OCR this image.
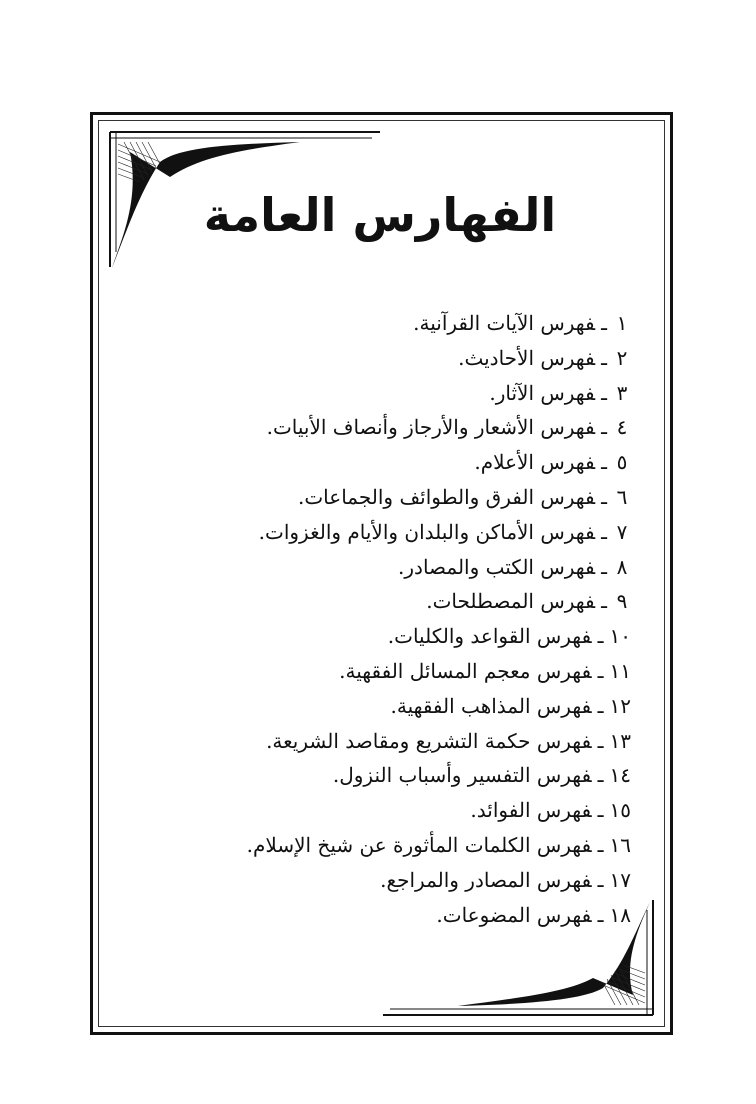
الفهارس العامة
١ـفهرس الآيات القرآنية.
٢ـفهرس الأحاديث.
٣ـفهرس الآثار.
٤ـفهرس الأشعار والأرجاز وأنصاف الأبيات.
٥ـفهرس الأعلام.
٦ـفهرس الفرق والطوائف والجماعات.
٧ـفهرس الأماكن والبلدان والأيام والغزوات.
٨ـفهرس الكتب والمصادر.
٩ـفهرس المصطلحات.
١٠ـفهرس القواعد والكليات.
١١ـفهرس معجم المسائل الفقهية.
١٢ـفهرس المذاهب الفقهية.
١٣ـفهرس حكمة التشريع ومقاصد الشريعة.
١٤ـفهرس التفسير وأسباب النزول.
١٥ـفهرس الفوائد.
١٦ـفهرس الكلمات المأثورة عن شيخ الإسلام.
١٧ـفهرس المصادر والمراجع.
١٨ـفهرس المضوعات.
